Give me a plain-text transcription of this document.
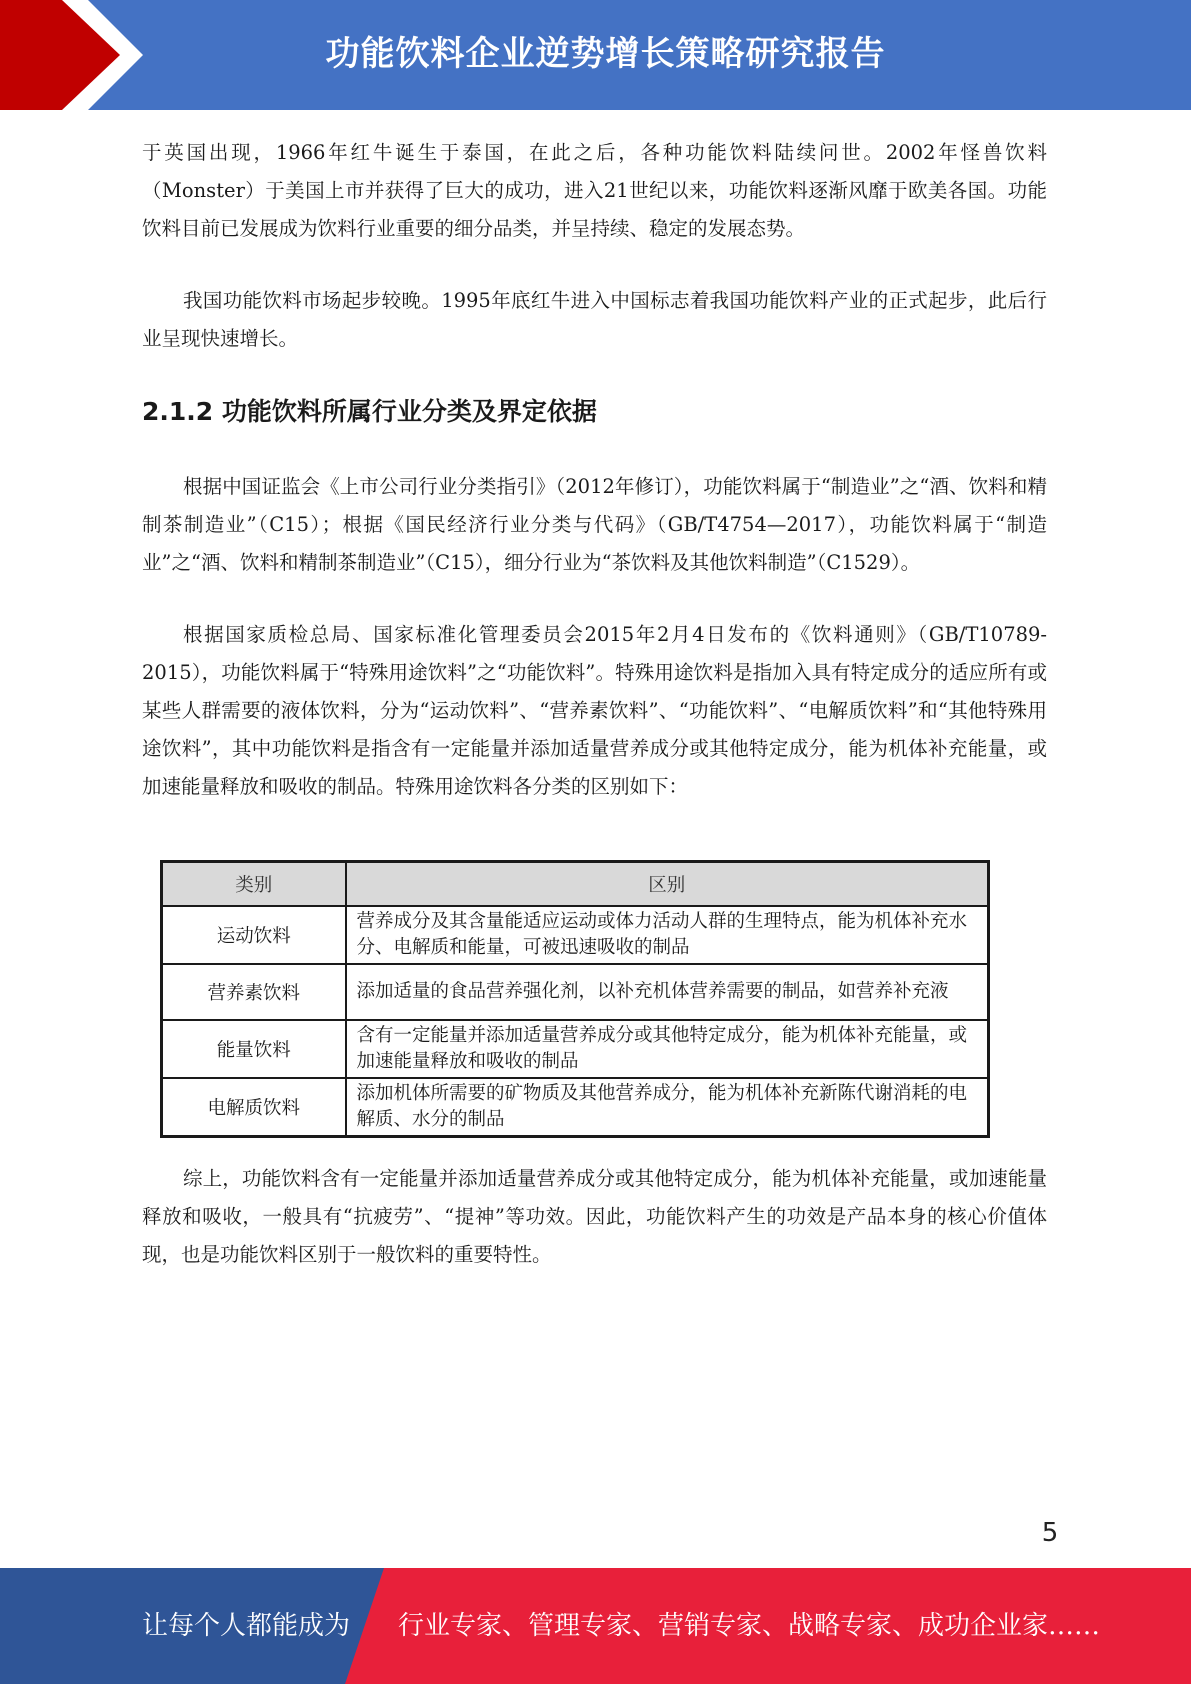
功能饮料企业逆势增长策略研究报告

于英国出现，1966年红牛诞生于泰国，在此之后，各种功能饮料陆续问世。2002年怪兽饮料（Monster）于美国上市并获得了巨大的成功，进入21世纪以来，功能饮料逐渐风靡于欧美各国。功能饮料目前已发展成为饮料行业重要的细分品类，并呈持续、稳定的发展态势。

我国功能饮料市场起步较晚。1995年底红牛进入中国标志着我国功能饮料产业的正式起步，此后行业呈现快速增长。

2.1.2 功能饮料所属行业分类及界定依据

根据中国证监会《上市公司行业分类指引》（2012年修订），功能饮料属于“制造业”之“酒、饮料和精制茶制造业”（C15）；根据《国民经济行业分类与代码》（GB/T4754—2017），功能饮料属于“制造业”之“酒、饮料和精制茶制造业”（C15），细分行业为“茶饮料及其他饮料制造”（C1529）。

根据国家质检总局、国家标准化管理委员会2015年2月4日发布的《饮料通则》（GB/T10789-2015），功能饮料属于“特殊用途饮料”之“功能饮料”。特殊用途饮料是指加入具有特定成分的适应所有或某些人群需要的液体饮料，分为“运动饮料”、“营养素饮料”、“功能饮料”、“电解质饮料”和“其他特殊用途饮料”，其中功能饮料是指含有一定能量并添加适量营养成分或其他特定成分，能为机体补充能量，或加速能量释放和吸收的制品。特殊用途饮料各分类的区别如下：

类别	区别
运动饮料	营养成分及其含量能适应运动或体力活动人群的生理特点，能为机体补充水分、电解质和能量，可被迅速吸收的制品
营养素饮料	添加适量的食品营养强化剂，以补充机体营养需要的制品，如营养补充液
能量饮料	含有一定能量并添加适量营养成分或其他特定成分，能为机体补充能量，或加速能量释放和吸收的制品
电解质饮料	添加机体所需要的矿物质及其他营养成分，能为机体补充新陈代谢消耗的电解质、水分的制品

综上，功能饮料含有一定能量并添加适量营养成分或其他特定成分，能为机体补充能量，或加速能量释放和吸收，一般具有“抗疲劳”、“提神”等功效。因此，功能饮料产生的功效是产品本身的核心价值体现，也是功能饮料区别于一般饮料的重要特性。

5
让每个人都能成为 行业专家、管理专家、营销专家、战略专家、成功企业家……
